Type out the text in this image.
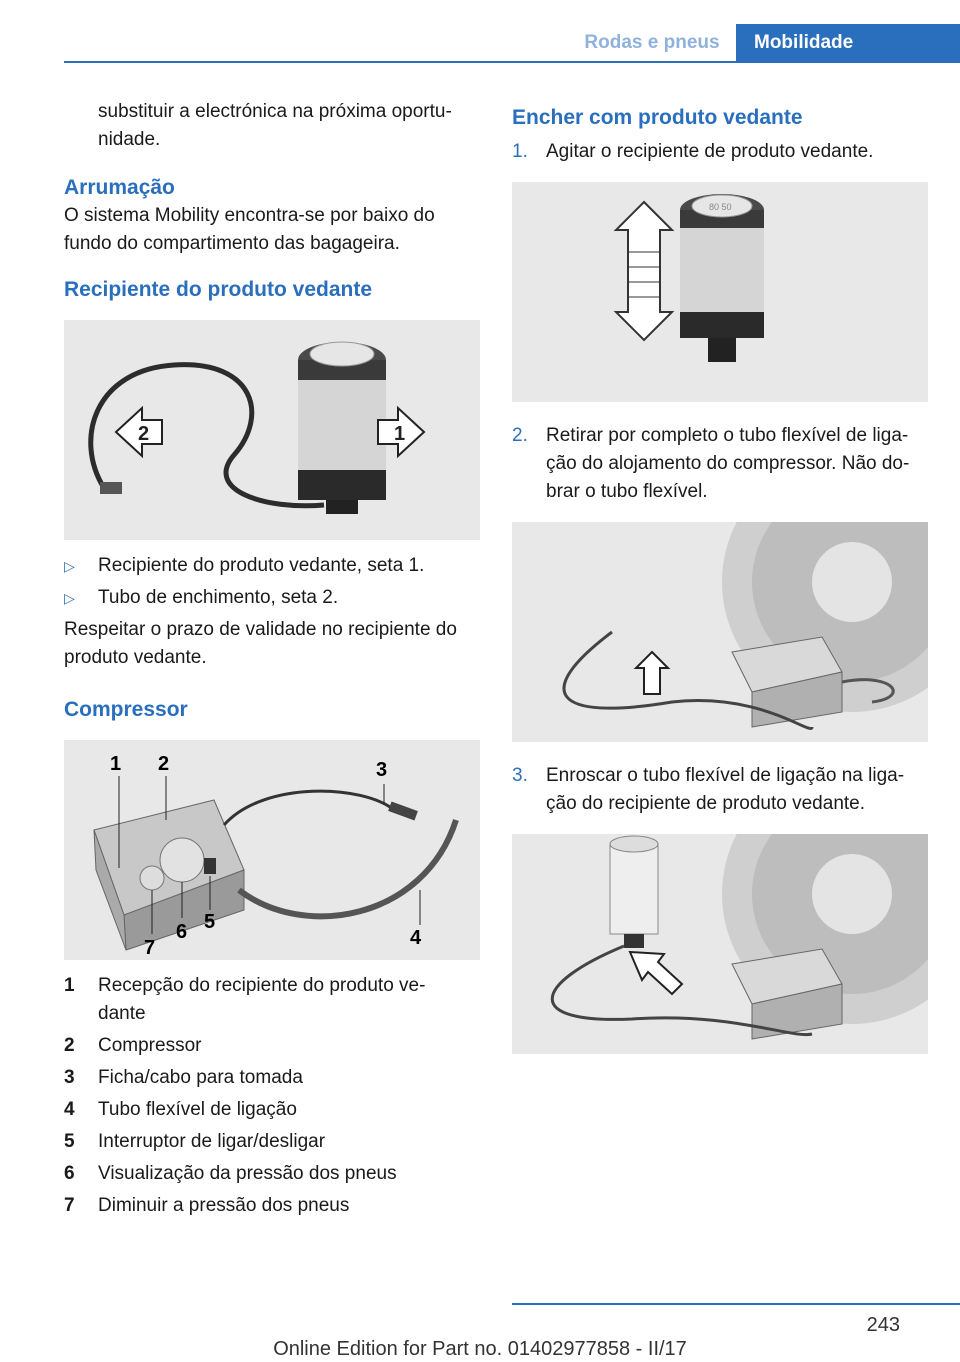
Rodas e pneus	Mobilidade

substituir a electrónica na próxima oportu‐ nidade.

Arrumação

O sistema Mobility encontra-se por baixo do fundo do compartimento das bagageira.

Recipiente do produto vedante

2	1
▷	Recipiente do produto vedante, seta 1.
▷	Tubo de enchimento, seta 2.

Respeitar o prazo de validade no recipiente do produto vedante.

Compressor

1 2	3
4
5
6
7
1	Recepção do recipiente do produto ve‐ dante
2	Compressor
3	Ficha/cabo para tomada
4	Tubo flexível de ligação
5	Interruptor de ligar/desligar
6	Visualização da pressão dos pneus
7	Diminuir a pressão dos pneus

Encher com produto vedante

1. Agitar o recipiente de produto vedante.
80 50
2. Retirar por completo o tubo flexível de liga‐ ção do alojamento do compressor. Não do‐ brar o tubo flexível.
3. Enroscar o tubo flexível de ligação na liga‐ ção do recipiente de produto vedante.
243
Online Edition for Part no. 01402977858 - II/17
